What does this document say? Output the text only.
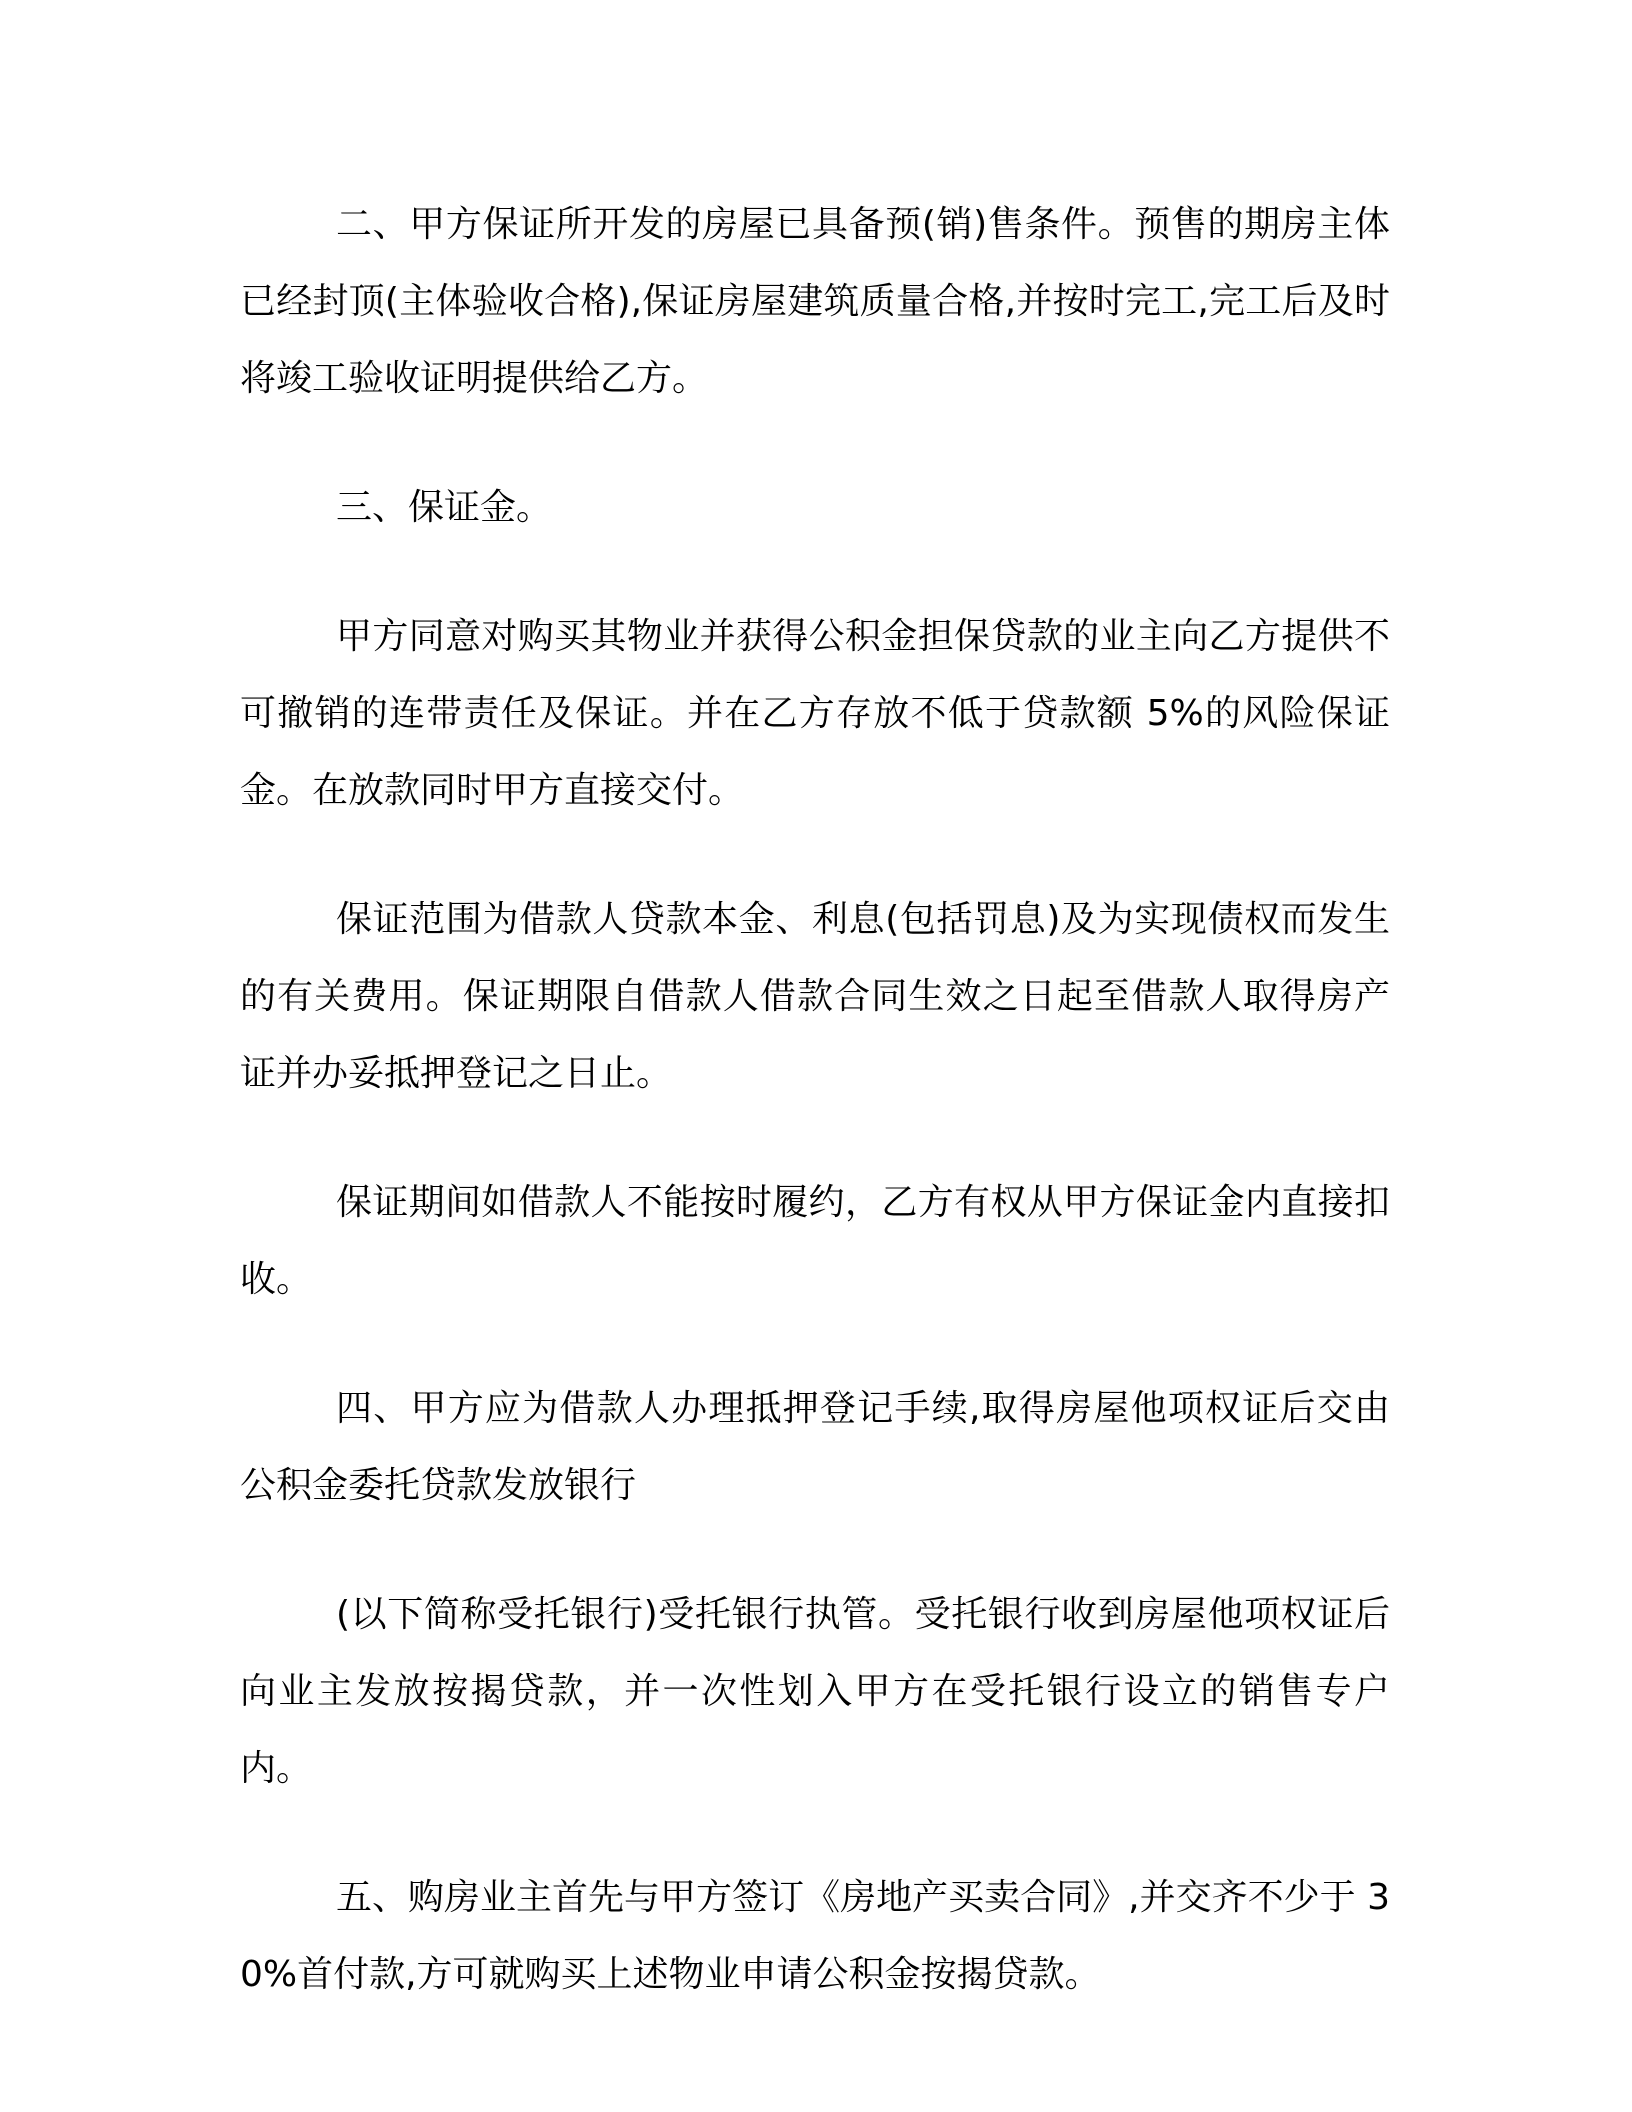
二、甲方保证所开发的房屋已具备预(销)售条件。预售的期房主体已经封顶(主体验收合格),保证房屋建筑质量合格,并按时完工,完工后及时将竣工验收证明提供给乙方。

三、保证金。

甲方同意对购买其物业并获得公积金担保贷款的业主向乙方提供不可撤销的连带责任及保证。并在乙方存放不低于贷款额 5%的风险保证金。在放款同时甲方直接交付。

保证范围为借款人贷款本金、利息(包括罚息)及为实现债权而发生的有关费用。保证期限自借款人借款合同生效之日起至借款人取得房产证并办妥抵押登记之日止。

保证期间如借款人不能按时履约，乙方有权从甲方保证金内直接扣收。

四、甲方应为借款人办理抵押登记手续,取得房屋他项权证后交由公积金委托贷款发放银行

(以下简称受托银行)受托银行执管。受托银行收到房屋他项权证后向业主发放按揭贷款，并一次性划入甲方在受托银行设立的销售专户内。

五、购房业主首先与甲方签订《房地产买卖合同》,并交齐不少于 30%首付款,方可就购买上述物业申请公积金按揭贷款。
